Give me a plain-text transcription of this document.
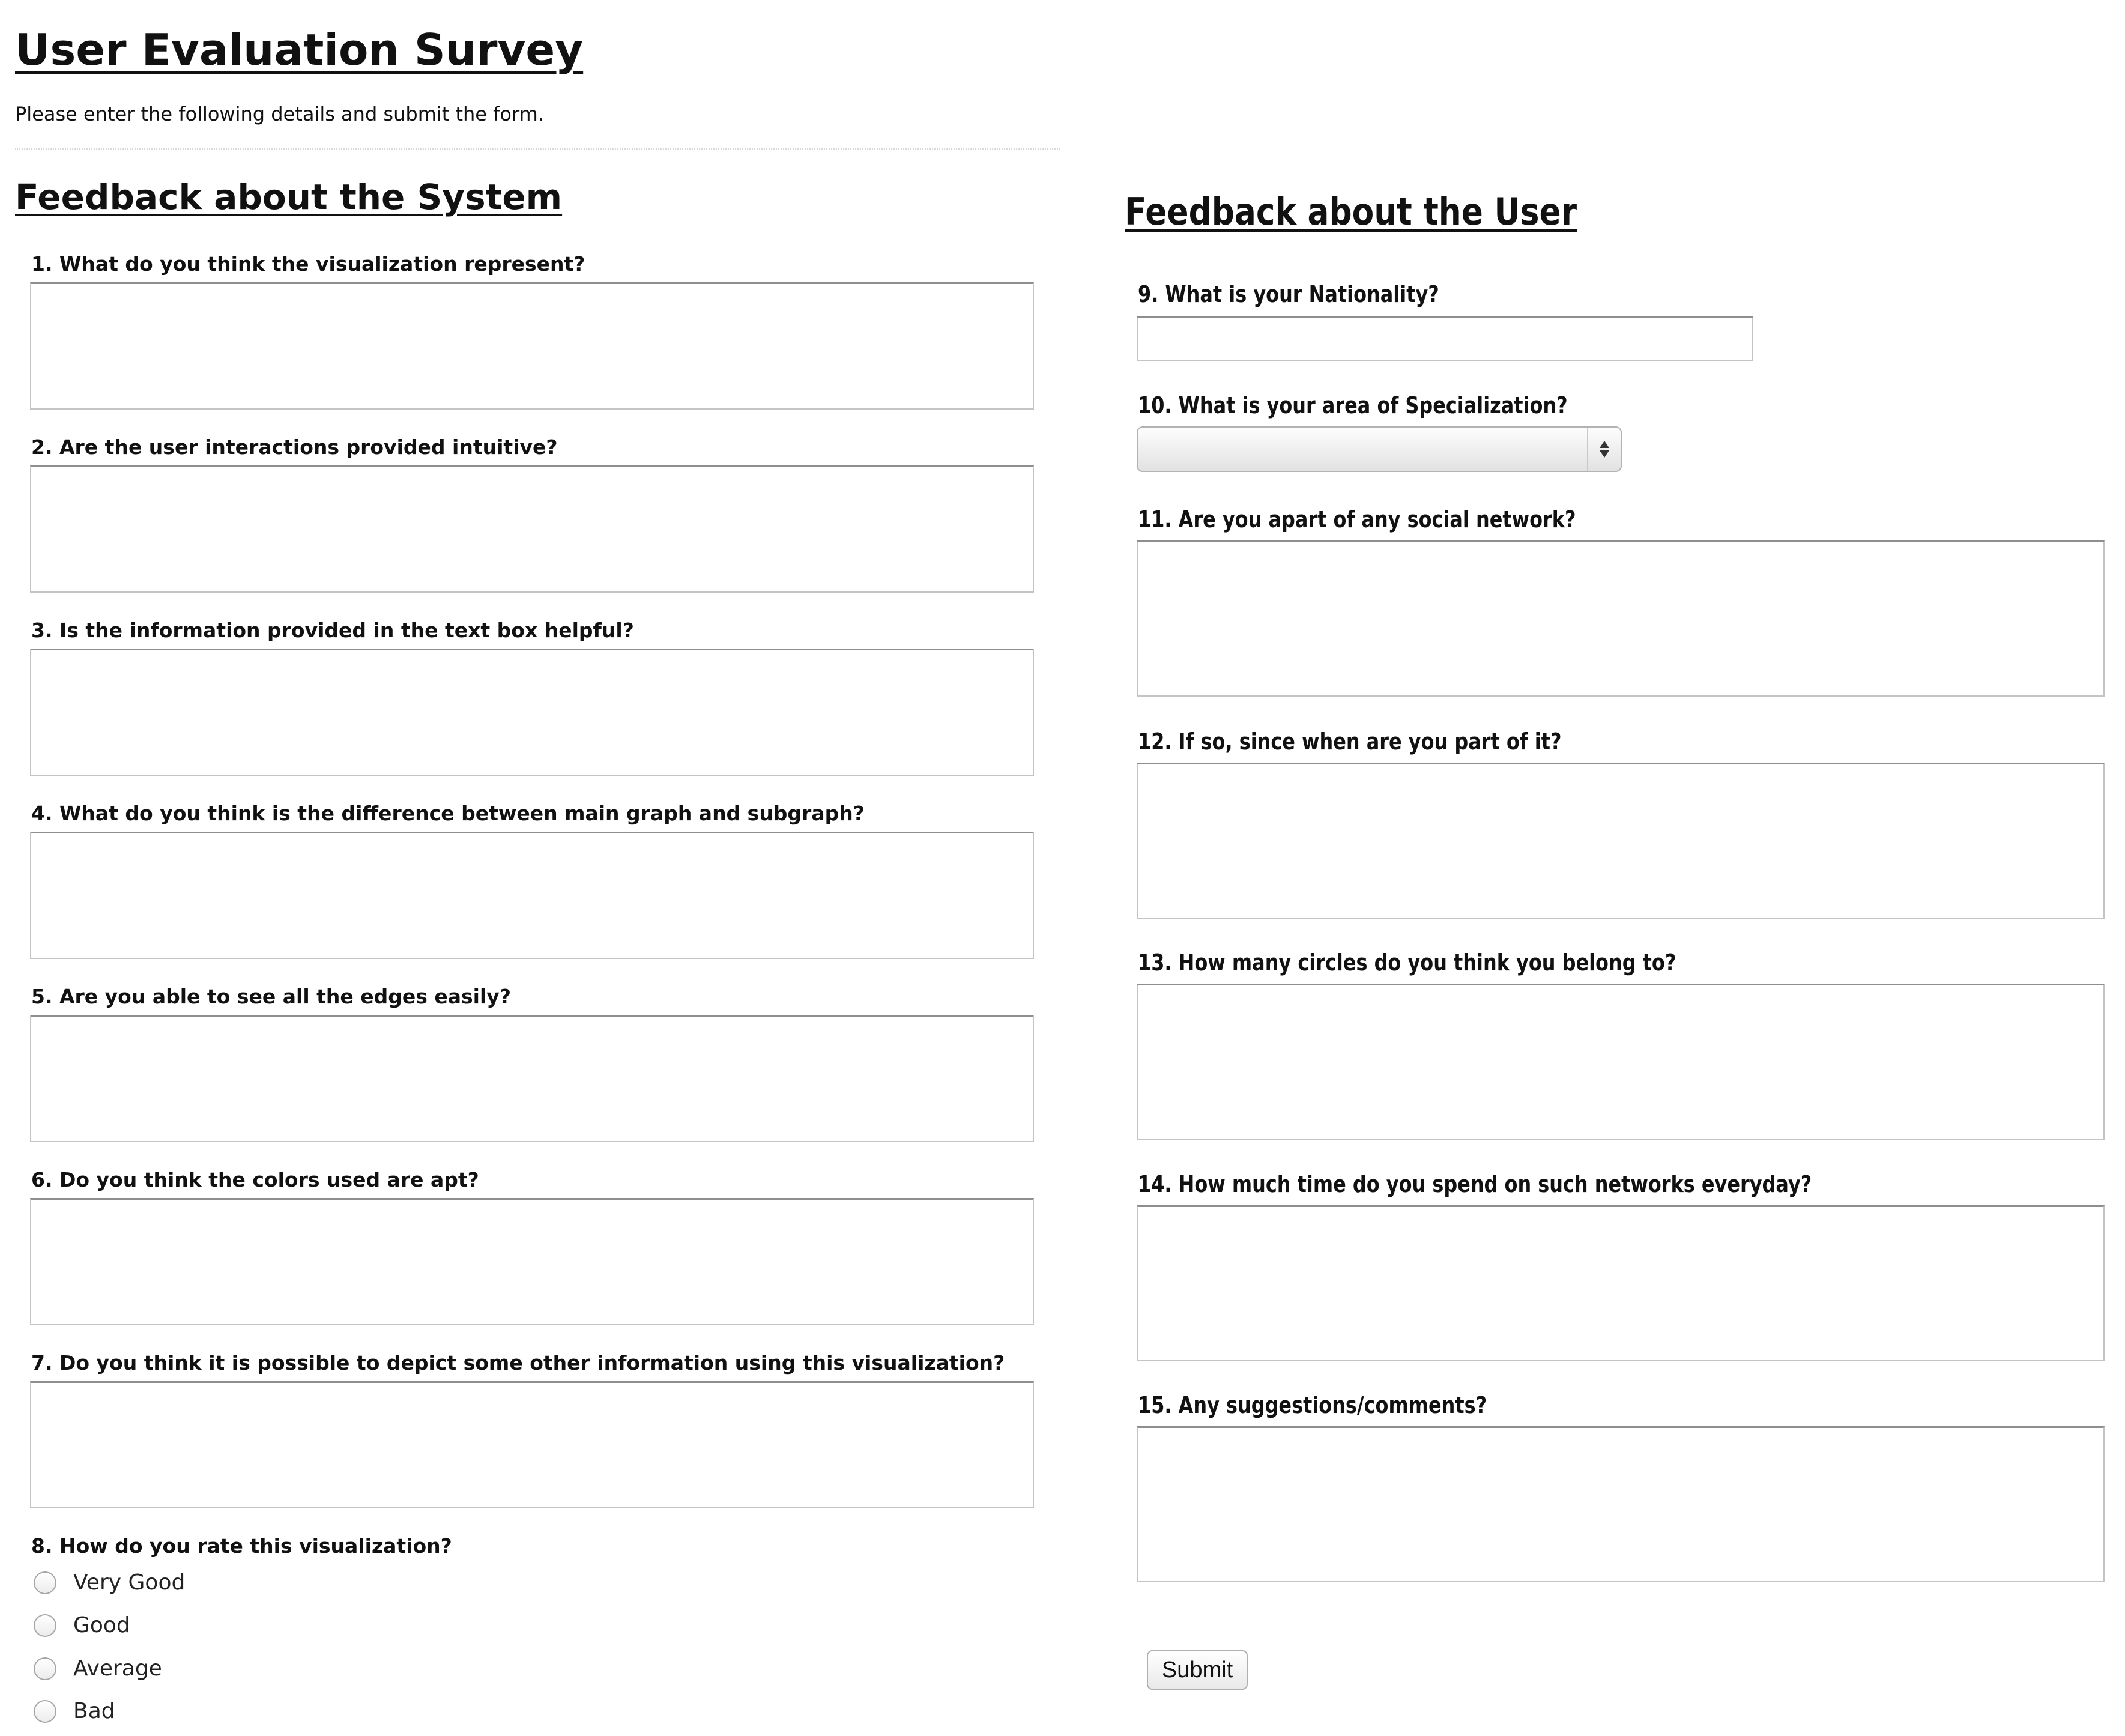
User Evaluation Survey
Please enter the following details and submit the form.
Feedback about the System
1. What do you think the visualization represent?
2. Are the user interactions provided intuitive?
3. Is the information provided in the text box helpful?
4. What do you think is the difference between main graph and subgraph?
5. Are you able to see all the edges easily?
6. Do you think the colors used are apt?
7. Do you think it is possible to depict some other information using this visualization?
8. How do you rate this visualization?
Very Good
Good
Average
Bad
Feedback about the User
9. What is your Nationality?
10. What is your area of Specialization?
11. Are you apart of any social network?
12. If so, since when are you part of it?
13. How many circles do you think you belong to?
14. How much time do you spend on such networks everyday?
15. Any suggestions/comments?
Submit
